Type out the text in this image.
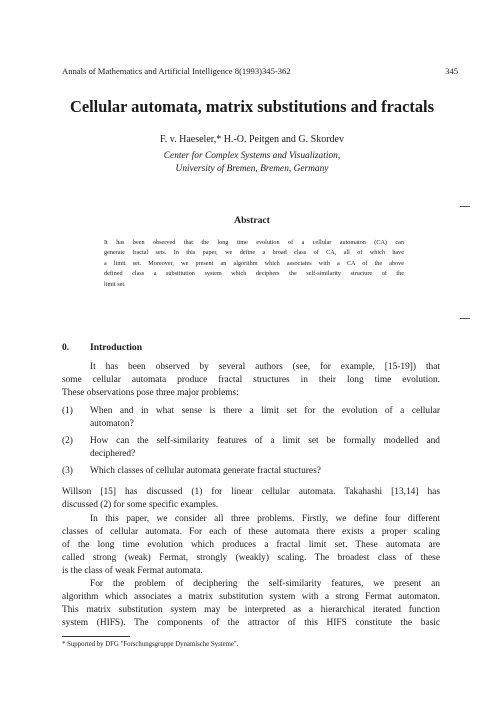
Annals of Mathematics and Artificial Intelligence 8(1993)345-362	345
Cellular automata, matrix substitutions and fractals
F. v. Haeseler,* H.-O. Peitgen and G. Skordev
Center for Complex Systems and Visualization,
University of Bremen, Bremen, Germany
Abstract
It has been observed that the long time evolution of a cellular automaton (CA) can
generate fractal sets. In this paper, we define a broad class of CA, all of which have
a limit set. Moreover, we present an algorithm which associates with a CA of the above
defined class a substitution system which deciphers the self-similarity structure of the
limit set.
0. Introduction
It has been observed by several authors (see, for example, [15-19]) that
some cellular automata produce fractal structures in their long time evolution.
These observations pose three major problems:
(1) When and in what sense is there a limit set for the evolution of a cellular
automaton?
(2) How can the self-similarity features of a limit set be formally modelled and
deciphered?
(3) Which classes of cellular automata generate fractal stuctures?
Willson [15] has discussed (1) for linear cellular automata. Takahashi [13,14] has
discussed (2) for some specific examples.
In this paper, we consider all three problems. Firstly, we define four different
classes of cellular automata. For each of these automata there exists a proper scaling
of the long time evolution which produces a fractal limit set. These automata are
called strong (weak) Fermat, strongly (weakly) scaling. The broadest class of these
is the class of weak Fermat automata.
For the problem of deciphering the self-similarity features, we present an
algorithm which associates a matrix substitution system with a strong Fermat automaton.
This matrix substitution system may be interpreted as a hierarchical iterated function
system (HIFS). The components of the attractor of this HIFS constitute the basic
* Supported by DFG "Forschungsgruppe Dynamische Systeme".
